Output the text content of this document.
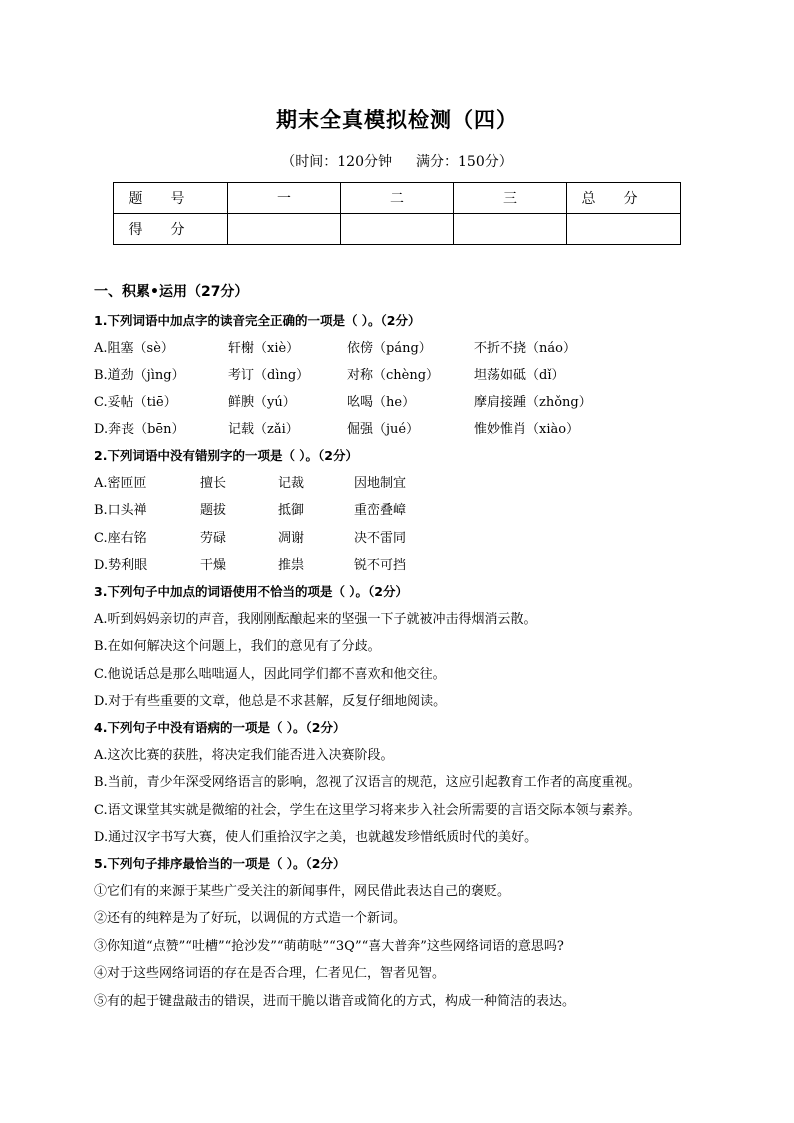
期末全真模拟检测（四）
（时间：120分钟 满分：150分）
题号	一	二	三	总分
得分				
一、积累•运用（27分）
1.下列词语中加点字的读音完全正确的一项是（ ）。（2分）
A.阻塞（sè）	轩榭（xiè）	依傍（páng）	不折不挠（náo）
B.道劲（jìng）	考订（dìng）	对称（chèng）	坦荡如砥（dǐ）
C.妥帖（tiē）	鲜腴（yú）	吆喝（he）	摩肩接踵（zhǒng）
D.奔丧（bēn）	记载（zǎi）	倔强（jué）	惟妙惟肖（xiào）
2.下列词语中没有错别字的一项是（ ）。（2分）
A.密匝匝	擅长	记裁	因地制宜
B.口头禅	题拔	抵御	重峦叠嶂
C.座右铭	劳碌	凋谢	决不雷同
D.势利眼	干燥	推祟	锐不可挡
3.下列句子中加点的词语使用不恰当的项是（ ）。（2分）
A.听到妈妈亲切的声音，我刚刚酝酿起来的坚强一下子就被冲击得烟消云散。
B.在如何解决这个问题上，我们的意见有了分歧。
C.他说话总是那么咄咄逼人，因此同学们都不喜欢和他交往。
D.对于有些重要的文章，他总是不求甚解，反复仔细地阅读。
4.下列句子中没有语病的一项是（ ）。（2分）
A.这次比赛的获胜，将决定我们能否进入决赛阶段。
B.当前，青少年深受网络语言的影响，忽视了汉语言的规范，这应引起教育工作者的高度重视。
C.语文课堂其实就是微缩的社会，学生在这里学习将来步入社会所需要的言语交际本领与素养。
D.通过汉字书写大赛，使人们重拾汉字之美，也就越发珍惜纸质时代的美好。
5.下列句子排序最恰当的一项是（ ）。（2分）
①它们有的来源于某些广受关注的新闻事件，网民借此表达自己的褒贬。
②还有的纯粹是为了好玩，以调侃的方式造一个新词。
③你知道“点赞”“吐槽”“抢沙发”“萌萌哒”“3Q”“喜大普奔”这些网络词语的意思吗?
④对于这些网络词语的存在是否合理，仁者见仁，智者见智。
⑤有的起于键盘敲击的错误，进而干脆以谐音或简化的方式，构成一种简洁的表达。
